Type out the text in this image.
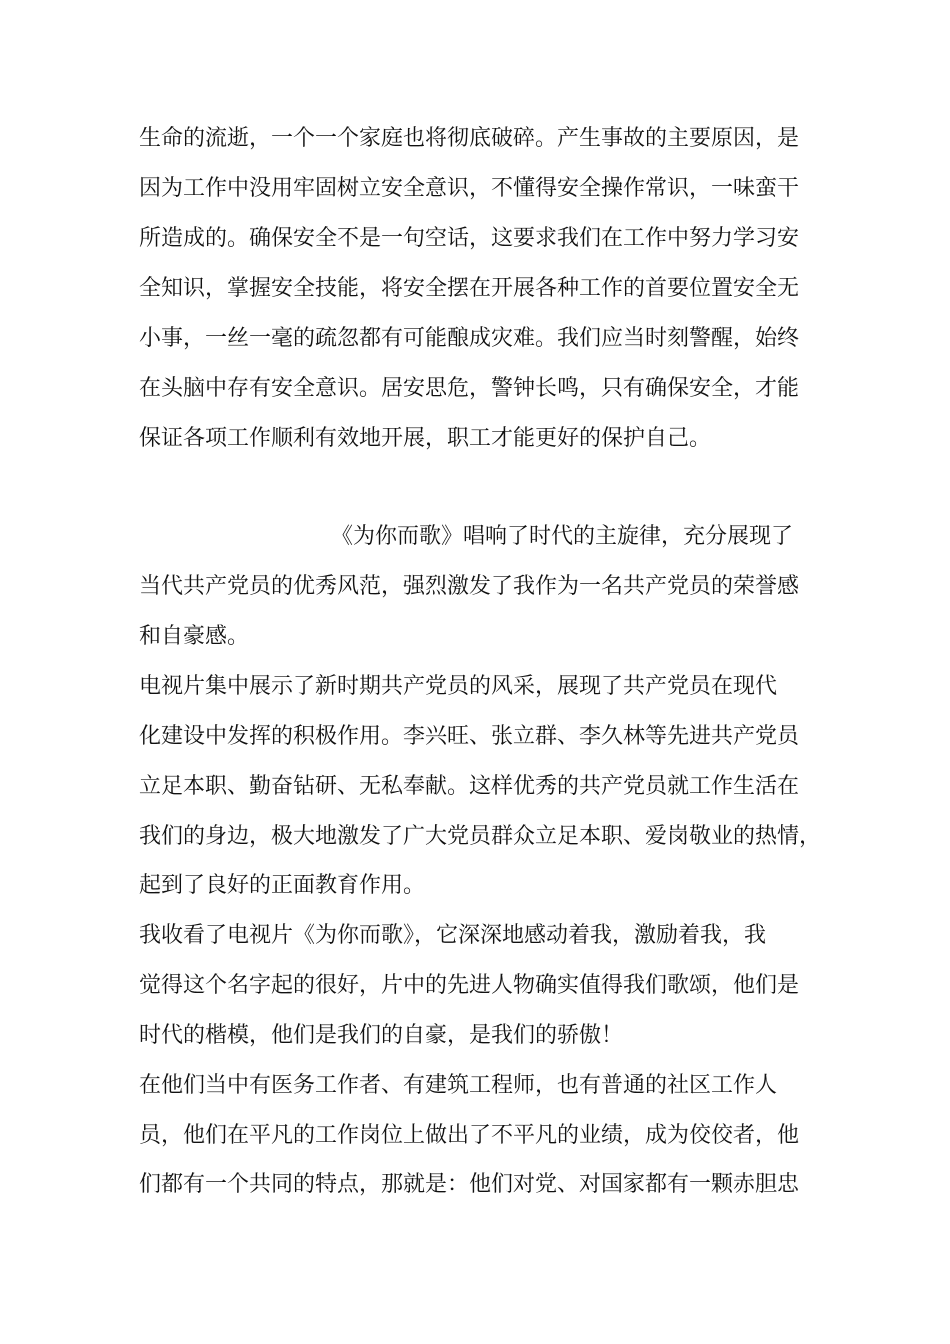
生命的流逝，一个一个家庭也将彻底破碎。产生事故的主要原因，是
因为工作中没用牢固树立安全意识，不懂得安全操作常识，一味蛮干
所造成的。确保安全不是一句空话，这要求我们在工作中努力学习安
全知识，掌握安全技能，将安全摆在开展各种工作的首要位置安全无
小事，一丝一毫的疏忽都有可能酿成灾难。我们应当时刻警醒，始终
在头脑中存有安全意识。居安思危，警钟长鸣，只有确保安全，才能
保证各项工作顺利有效地开展，职工才能更好的保护自己。
《为你而歌》唱响了时代的主旋律，充分展现了
当代共产党员的优秀风范，强烈激发了我作为一名共产党员的荣誉感
和自豪感。
电视片集中展示了新时期共产党员的风采，展现了共产党员在现代
化建设中发挥的积极作用。李兴旺、张立群、李久林等先进共产党员
立足本职、勤奋钻研、无私奉献。这样优秀的共产党员就工作生活在
我们的身边，极大地激发了广大党员群众立足本职、爱岗敬业的热情，
起到了良好的正面教育作用。
我收看了电视片《为你而歌》，它深深地感动着我，激励着我，我
觉得这个名字起的很好，片中的先进人物确实值得我们歌颂，他们是
时代的楷模，他们是我们的自豪，是我们的骄傲！
在他们当中有医务工作者、有建筑工程师，也有普通的社区工作人
员，他们在平凡的工作岗位上做出了不平凡的业绩，成为佼佼者，他
们都有一个共同的特点，那就是：他们对党、对国家都有一颗赤胆忠
